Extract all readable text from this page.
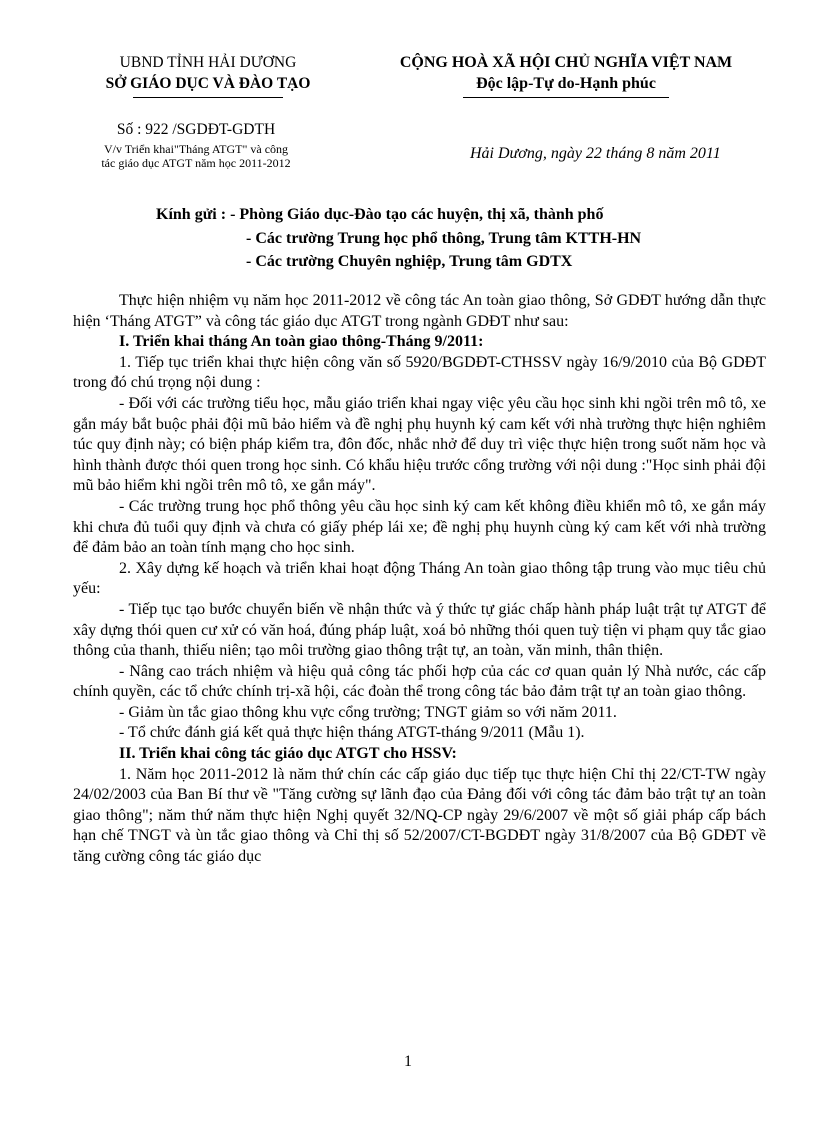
UBND TỈNH HẢI DƯƠNG
SỞ GIÁO DỤC VÀ ĐÀO TẠO
CỘNG HOÀ XÃ HỘI CHỦ NGHĨA VIỆT NAM
Độc lập-Tự do-Hạnh phúc
Số : 922 /SGDĐT-GDTH
V/v Triển khai"Tháng ATGT" và công
tác giáo dục ATGT năm học 2011-2012
Hải Dương, ngày 22 tháng 8 năm 2011
Kính gửi : - Phòng Giáo dục-Đào tạo các huyện, thị xã, thành phố
- Các trường Trung học phổ thông, Trung tâm KTTH-HN
- Các trường Chuyên nghiệp, Trung tâm GDTX

Thực hiện nhiệm vụ năm học 2011-2012 về công tác An toàn giao thông, Sở GDĐT hướng dẫn thực hiện ‘Tháng ATGT” và công tác giáo dục ATGT trong ngành GDĐT như sau:

I. Triển khai tháng An toàn giao thông-Tháng 9/2011:

1. Tiếp tục triển khai thực hiện công văn số 5920/BGDĐT-CTHSSV ngày 16/9/2010 của Bộ GDĐT trong đó chú trọng nội dung :

- Đối với các trường tiểu học, mẫu giáo triển khai ngay việc yêu cầu học sinh khi ngồi trên mô tô, xe gắn máy bắt buộc phải đội mũ bảo hiểm và đề nghị phụ huynh ký cam kết với nhà trường thực hiện nghiêm túc quy định này; có biện pháp kiểm tra, đôn đốc, nhắc nhở để duy trì việc thực hiện trong suốt năm học và hình thành được thói quen trong học sinh. Có khẩu hiệu trước cổng trường với nội dung :"Học sinh phải đội mũ bảo hiểm khi ngồi trên mô tô, xe gắn máy".

- Các trường trung học phổ thông yêu cầu học sinh ký cam kết không điều khiển mô tô, xe gắn máy khi chưa đủ tuổi quy định và chưa có giấy phép lái xe; đề nghị phụ huynh cùng ký cam kết với nhà trường để đảm bảo an toàn tính mạng cho học sinh.

2. Xây dựng kế hoạch và triển khai hoạt động Tháng An toàn giao thông tập trung vào mục tiêu chủ yếu:

- Tiếp tục tạo bước chuyển biến về nhận thức và ý thức tự giác chấp hành pháp luật trật tự ATGT để xây dựng thói quen cư xử có văn hoá, đúng pháp luật, xoá bỏ những thói quen tuỳ tiện vi phạm quy tắc giao thông của thanh, thiếu niên; tạo môi trường giao thông trật tự, an toàn, văn minh, thân thiện.

- Nâng cao trách nhiệm và hiệu quả công tác phối hợp của các cơ quan quản lý Nhà nước, các cấp chính quyền, các tổ chức chính trị-xã hội, các đoàn thể trong công tác bảo đảm trật tự an toàn giao thông.

- Giảm ùn tắc giao thông khu vực cổng trường; TNGT giảm so với năm 2011.

- Tổ chức đánh giá kết quả thực hiện tháng ATGT-tháng 9/2011 (Mẫu 1).

II. Triển khai công tác giáo dục ATGT cho HSSV:

1. Năm học 2011-2012 là năm thứ chín các cấp giáo dục tiếp tục thực hiện Chỉ thị 22/CT-TW ngày 24/02/2003 của Ban Bí thư về "Tăng cường sự lãnh đạo của Đảng đối với công tác đảm bảo trật tự an toàn giao thông"; năm thứ năm thực hiện Nghị quyết 32/NQ-CP ngày 29/6/2007 về một số giải pháp cấp bách hạn chế TNGT và ùn tắc giao thông và Chỉ thị số 52/2007/CT-BGDĐT ngày 31/8/2007 của Bộ GDĐT về tăng cường công tác giáo dục

1
